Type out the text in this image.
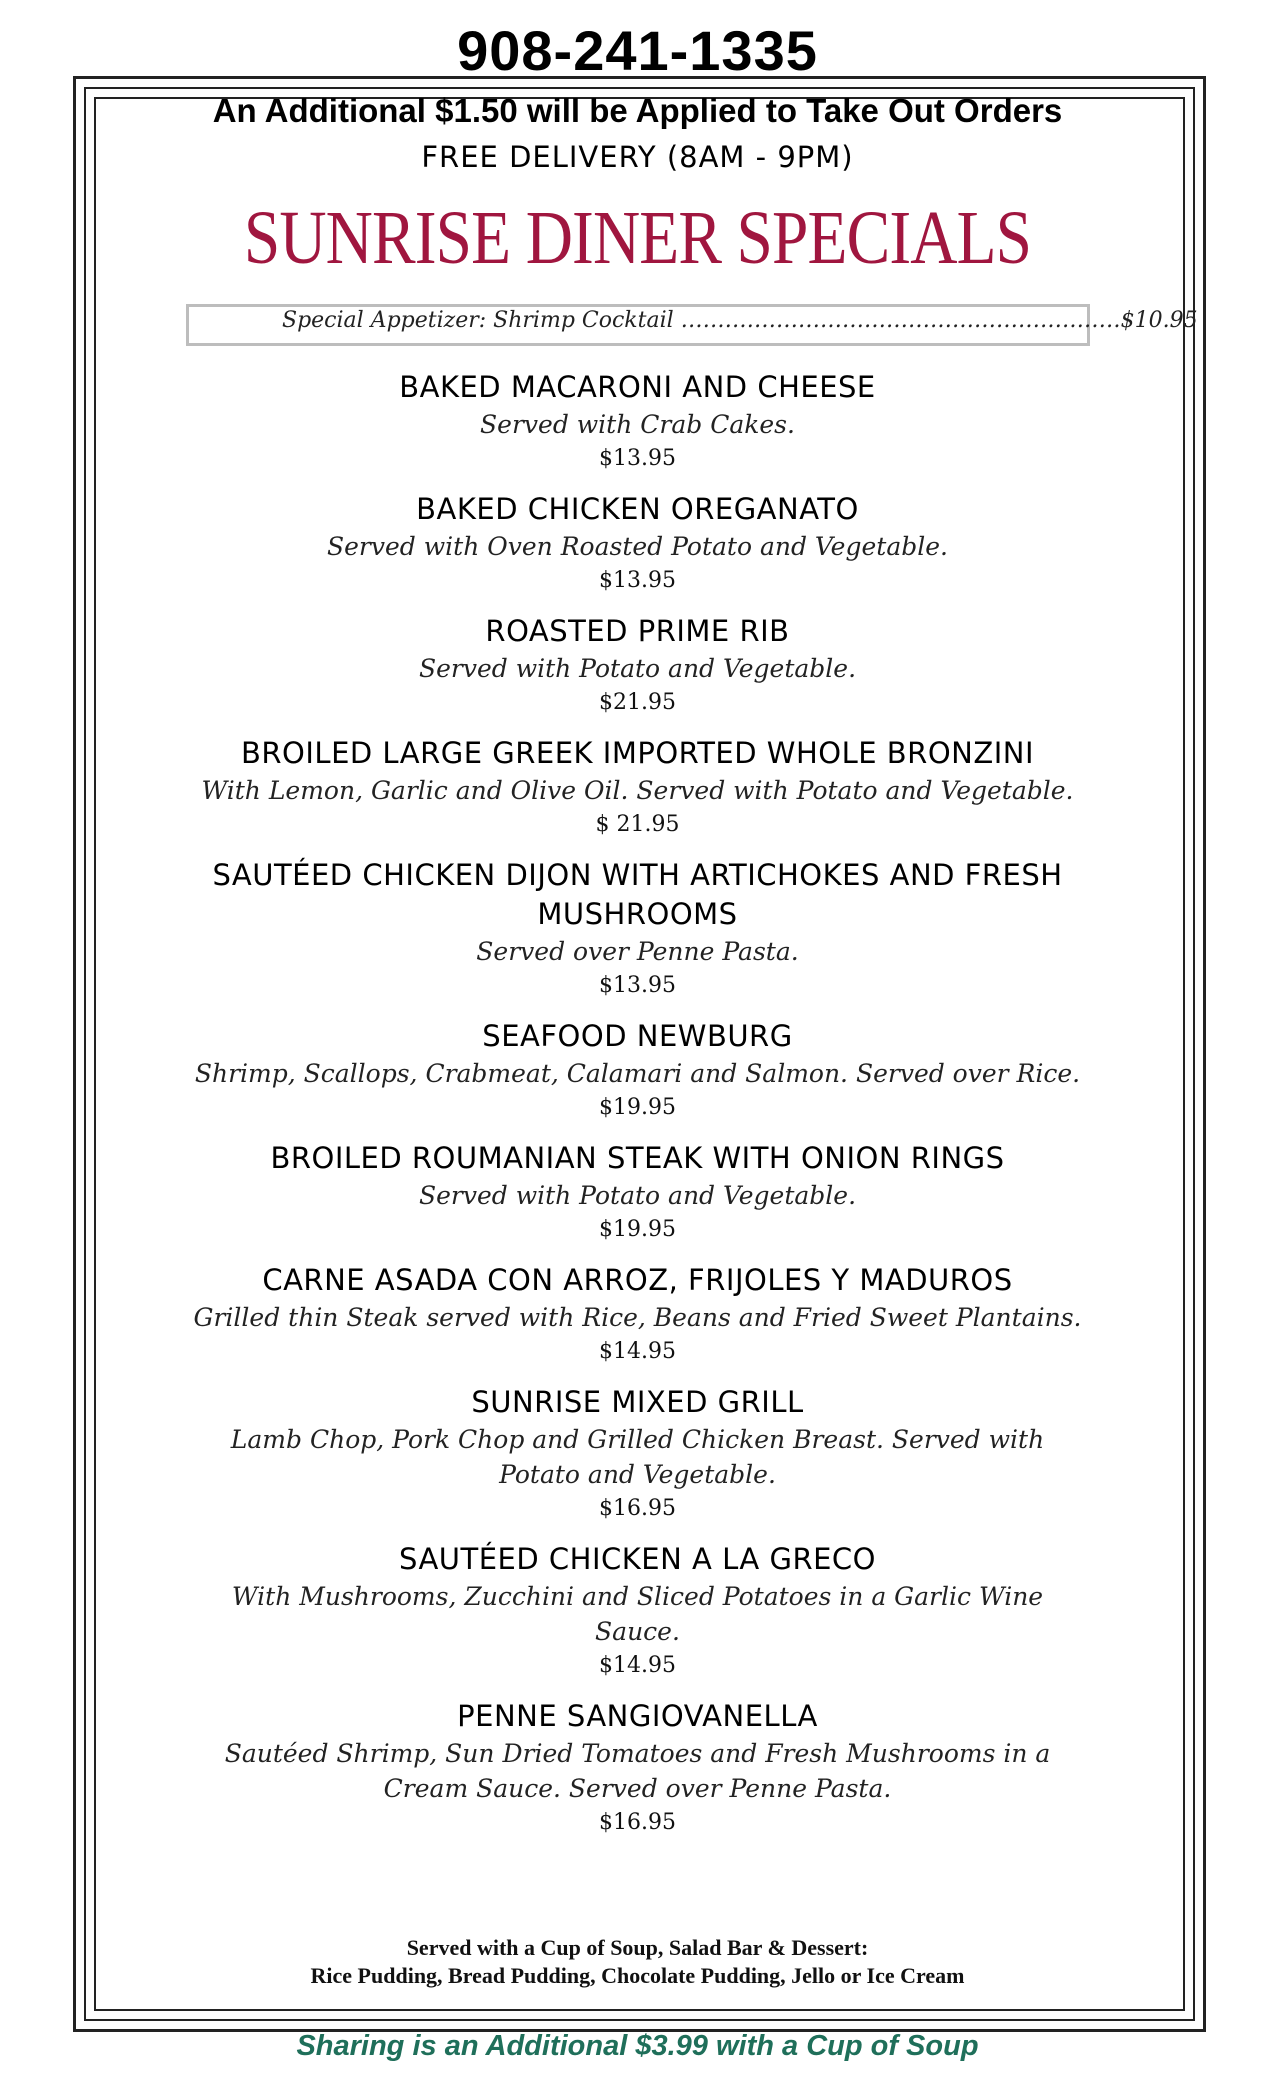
908-241-1335
An Additional $1.50 will be Applied to Take Out Orders
FREE DELIVERY (8AM - 9PM)
SUNRISE DINER SPECIALS
Special Appetizer: Shrimp Cocktail ……………………………………………………$10.95
BAKED MACARONI AND CHEESE
Served with Crab Cakes.
$13.95
BAKED CHICKEN OREGANATO
Served with Oven Roasted Potato and Vegetable.
$13.95
ROASTED PRIME RIB
Served with Potato and Vegetable.
$21.95
BROILED LARGE GREEK IMPORTED WHOLE BRONZINI
With Lemon, Garlic and Olive Oil. Served with Potato and Vegetable.
$ 21.95
SAUTÉED CHICKEN DIJON WITH ARTICHOKES AND FRESH MUSHROOMS
Served over Penne Pasta.
$13.95
SEAFOOD NEWBURG
Shrimp, Scallops, Crabmeat, Calamari and Salmon. Served over Rice.
$19.95
BROILED ROUMANIAN STEAK WITH ONION RINGS
Served with Potato and Vegetable.
$19.95
CARNE ASADA CON ARROZ, FRIJOLES Y MADUROS
Grilled thin Steak served with Rice, Beans and Fried Sweet Plantains.
$14.95
SUNRISE MIXED GRILL
Lamb Chop, Pork Chop and Grilled Chicken Breast. Served with Potato and Vegetable.
$16.95
SAUTÉED CHICKEN A LA GRECO
With Mushrooms, Zucchini and Sliced Potatoes in a Garlic Wine Sauce.
$14.95
PENNE SANGIOVANELLA
Sautéed Shrimp, Sun Dried Tomatoes and Fresh Mushrooms in a Cream Sauce. Served over Penne Pasta.
$16.95
Served with a Cup of Soup, Salad Bar & Dessert:
Rice Pudding, Bread Pudding, Chocolate Pudding, Jello or Ice Cream
Sharing is an Additional $3.99 with a Cup of Soup
